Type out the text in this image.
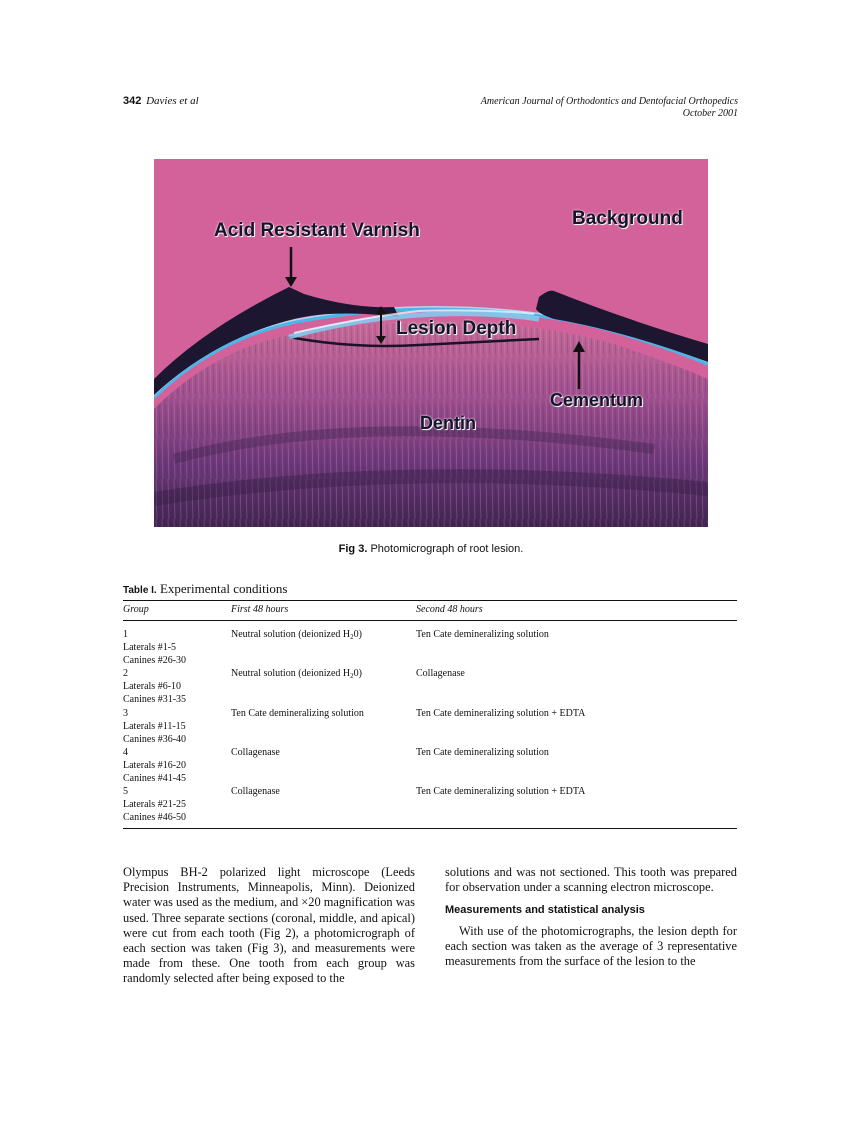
342 Davies et al	American Journal of Orthodontics and Dentofacial Orthopedics
October 2001
Acid Resistant Varnish
Background
Lesion Depth
Cementum
Dentin
Fig 3. Photomicrograph of root lesion.
Table I. Experimental conditions
Group	First 48 hours	Second 48 hours
1
Laterals #1-5
Canines #26-30
Neutral solution (deionized $H_20$)	Ten Cate demineralizing solution
2
Laterals #6-10
Canines #31-35
Neutral solution (deionized $H_20$)	Collagenase
3
Laterals #11-15
Canines #36-40
Ten Cate demineralizing solution	Ten Cate demineralizing solution + EDTA
4
Laterals #16-20
Canines #41-45
Collagenase	Ten Cate demineralizing solution
5
Laterals #21-25
Canines #46-50
Collagenase	Ten Cate demineralizing solution + EDTA

Olympus BH-2 polarized light microscope (Leeds Precision Instruments, Minneapolis, Minn). Deionized water was used as the medium, and ×20 magnification was used. Three separate sections (coronal, middle, and apical) were cut from each tooth (Fig 2), a photomicrograph of each section was taken (Fig 3), and measurements were made from these. One tooth from each group was randomly selected after being exposed to the

solutions and was not sectioned. This tooth was prepared for observation under a scanning electron microscope.

Measurements and statistical analysis

With use of the photomicrographs, the lesion depth for each section was taken as the average of 3 representative measurements from the surface of the lesion to the
